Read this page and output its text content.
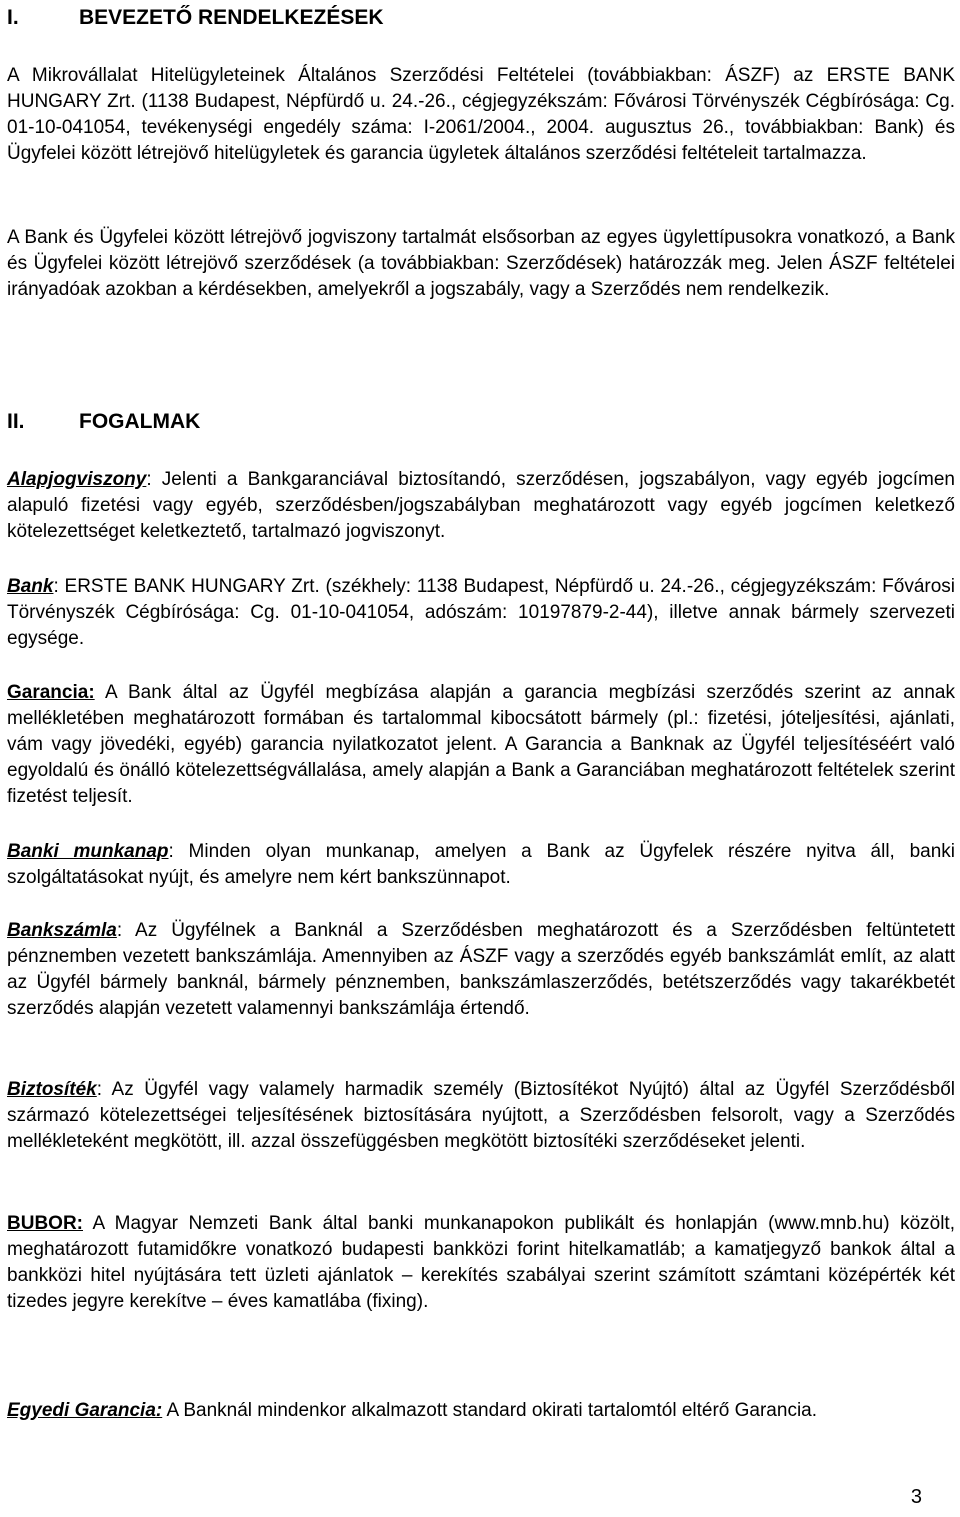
I.	BEVEZETŐ RENDELKEZÉSEK

A Mikrovállalat Hitelügyleteinek Általános Szerződési Feltételei (továbbiakban: ÁSZF) az ERSTE BANK HUNGARY Zrt. (1138 Budapest, Népfürdő u. 24.-26., cégjegyzékszám: Fővárosi Törvényszék Cégbírósága: Cg. 01-10-041054, tevékenységi engedély száma: I-2061/2004., 2004. augusztus 26., továbbiakban: Bank) és Ügyfelei között létrejövő hitelügyletek és garancia ügyletek általános szerződési feltételeit tartalmazza.

A Bank és Ügyfelei között létrejövő jogviszony tartalmát elsősorban az egyes ügylettípusokra vonatkozó, a Bank és Ügyfelei között létrejövő szerződések (a továbbiakban: Szerződések) határozzák meg. Jelen ÁSZF feltételei irányadóak azokban a kérdésekben, amelyekről a jogszabály, vagy a Szerződés nem rendelkezik.

II.	FOGALMAK

Alapjogviszony: Jelenti a Bankgaranciával biztosítandó, szerződésen, jogszabályon, vagy egyéb jogcímen alapuló fizetési vagy egyéb, szerződésben/jogszabályban meghatározott vagy egyéb jogcímen keletkező kötelezettséget keletkeztető, tartalmazó jogviszonyt.

Bank: ERSTE BANK HUNGARY Zrt. (székhely: 1138 Budapest, Népfürdő u. 24.-26., cégjegyzékszám: Fővárosi Törvényszék Cégbírósága: Cg. 01-10-041054, adószám: 10197879-2-44), illetve annak bármely szervezeti egysége.

Garancia: A Bank által az Ügyfél megbízása alapján a garancia megbízási szerződés szerint az annak mellékletében meghatározott formában és tartalommal kibocsátott bármely (pl.: fizetési, jóteljesítési, ajánlati, vám vagy jövedéki, egyéb) garancia nyilatkozatot jelent. A Garancia a Banknak az Ügyfél teljesítéséért való egyoldalú és önálló kötelezettségvállalása, amely alapján a Bank a Garanciában meghatározott feltételek szerint fizetést teljesít.

Banki munkanap: Minden olyan munkanap, amelyen a Bank az Ügyfelek részére nyitva áll, banki szolgáltatásokat nyújt, és amelyre nem kért bankszünnapot.

Bankszámla: Az Ügyfélnek a Banknál a Szerződésben meghatározott és a Szerződésben feltüntetett pénznemben vezetett bankszámlája. Amennyiben az ÁSZF vagy a szerződés egyéb bankszámlát említ, az alatt az Ügyfél bármely banknál, bármely pénznemben, bankszámlaszerződés, betétszerződés vagy takarékbetét szerződés alapján vezetett valamennyi bankszámlája értendő.

Biztosíték: Az Ügyfél vagy valamely harmadik személy (Biztosítékot Nyújtó) által az Ügyfél Szerződésből származó kötelezettségei teljesítésének biztosítására nyújtott, a Szerződésben felsorolt, vagy a Szerződés mellékleteként megkötött, ill. azzal összefüggésben megkötött biztosítéki szerződéseket jelenti.

BUBOR: A Magyar Nemzeti Bank által banki munkanapokon publikált és honlapján (www.mnb.hu) közölt, meghatározott futamidőkre vonatkozó budapesti bankközi forint hitelkamatláb; a kamatjegyző bankok által a bankközi hitel nyújtására tett üzleti ajánlatok – kerekítés szabályai szerint számított számtani középérték két tizedes jegyre kerekítve – éves kamatlába (fixing).

Egyedi Garancia: A Banknál mindenkor alkalmazott standard okirati tartalomtól eltérő Garancia.

3
